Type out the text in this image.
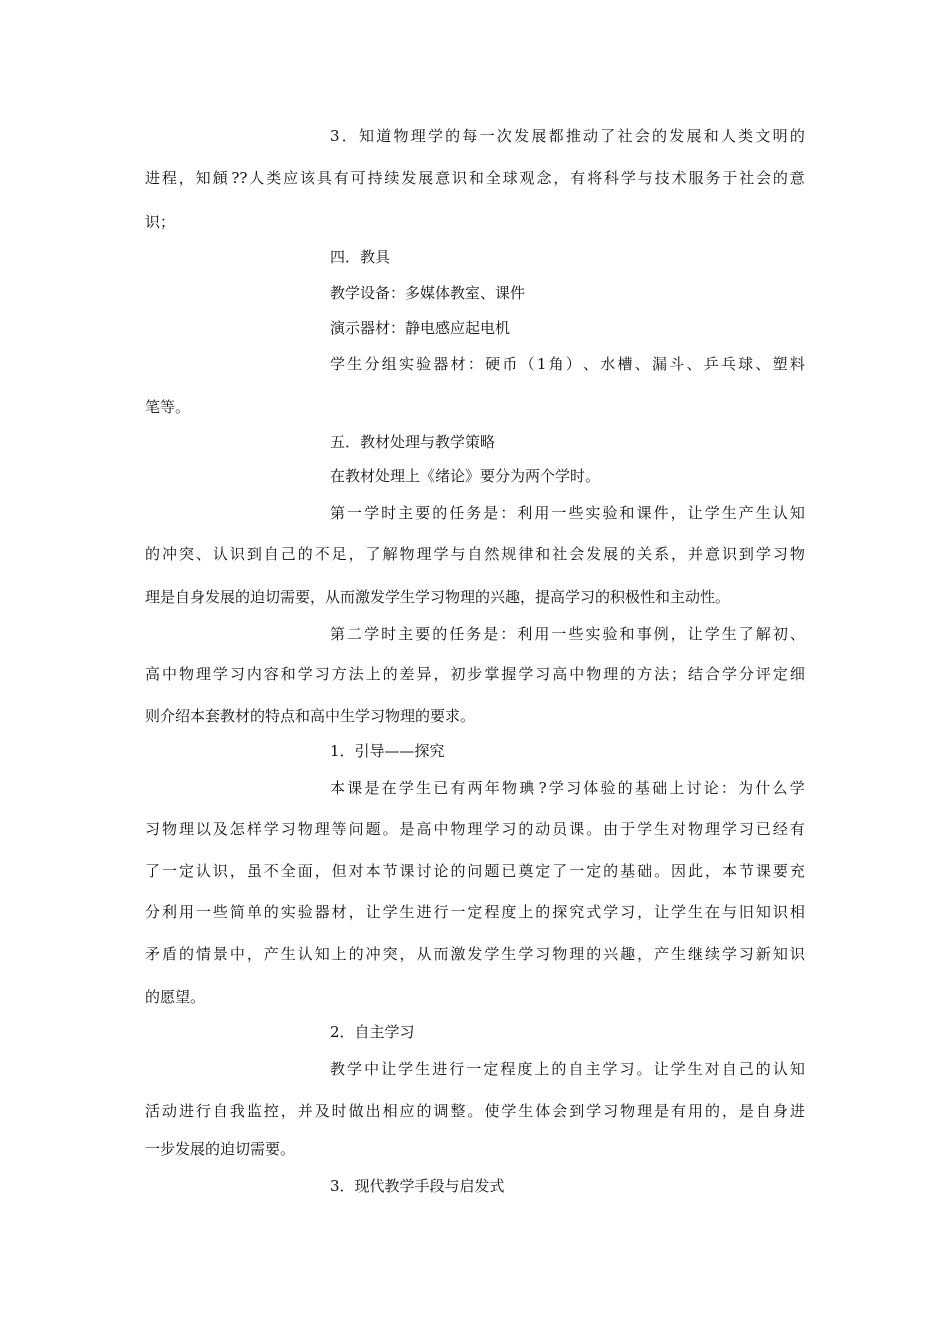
3 ． 知 道 物 理 学 的 每 一 次 发 展 都 推 动 了 社 会 的 发 展 和 人 类 文 明 的

进 程 ， 知 頠 ?? 人 类 应 该 具 有 可 持 续 发 展 意 识 和 全 球 观 念 ， 有 将 科 学 与 技 术 服 务 于 社 会 的 意

识；

四．教具

教学设备：多媒体教室、课件

演示器材：静电感应起电机

学 生 分 组 实 验 器 材 ： 硬 币 （ 1 角 ） 、 水 槽 、 漏 斗 、 乒 乓 球 、 塑 料

笔等。

五．教材处理与教学策略

在教材处理上《绪论》要分为两个学时。

第 一 学 时 主 要 的 任 务 是 ： 利 用 一 些 实 验 和 课 件 ， 让 学 生 产 生 认 知

的 冲 突 、 认 识 到 自 己 的 不 足 ， 了 解 物 理 学 与 自 然 规 律 和 社 会 发 展 的 关 系 ， 并 意 识 到 学 习 物

理是自身发展的迫切需要，从而激发学生学习物理的兴趣，提高学习的积极性和主动性。

第 二 学 时 主 要 的 任 务 是 ： 利 用 一 些 实 验 和 事 例 ， 让 学 生 了 解 初 、

高 中 物 理 学 习 内 容 和 学 习 方 法 上 的 差 异 ， 初 步 掌 握 学 习 高 中 物 理 的 方 法 ； 结 合 学 分 评 定 细

则介绍本套教材的特点和高中生学习物理的要求。

1．引导——探究

本 课 是 在 学 生 已 有 两 年 物 琠 ? 学 习 体 验 的 基 础 上 讨 论 ： 为 什 么 学

习 物 理 以 及 怎 样 学 习 物 理 等 问 题 。 是 高 中 物 理 学 习 的 动 员 课 。 由 于 学 生 对 物 理 学 习 已 经 有

了 一 定 认 识 ， 虽 不 全 面 ， 但 对 本 节 课 讨 论 的 问 题 已 奠 定 了 一 定 的 基 础 。 因 此 ， 本 节 课 要 充

分 利 用 一 些 简 单 的 实 验 器 材 ， 让 学 生 进 行 一 定 程 度 上 的 探 究 式 学 习 ， 让 学 生 在 与 旧 知 识 相

矛 盾 的 情 景 中 ， 产 生 认 知 上 的 冲 突 ， 从 而 激 发 学 生 学 习 物 理 的 兴 趣 ， 产 生 继 续 学 习 新 知 识

的愿望。

2．自主学习

教 学 中 让 学 生 进 行 一 定 程 度 上 的 自 主 学 习 。 让 学 生 对 自 己 的 认 知

活 动 进 行 自 我 监 控 ， 并 及 时 做 出 相 应 的 调 整 。 使 学 生 体 会 到 学 习 物 理 是 有 用 的 ， 是 自 身 进

一步发展的迫切需要。

3．现代教学手段与启发式
